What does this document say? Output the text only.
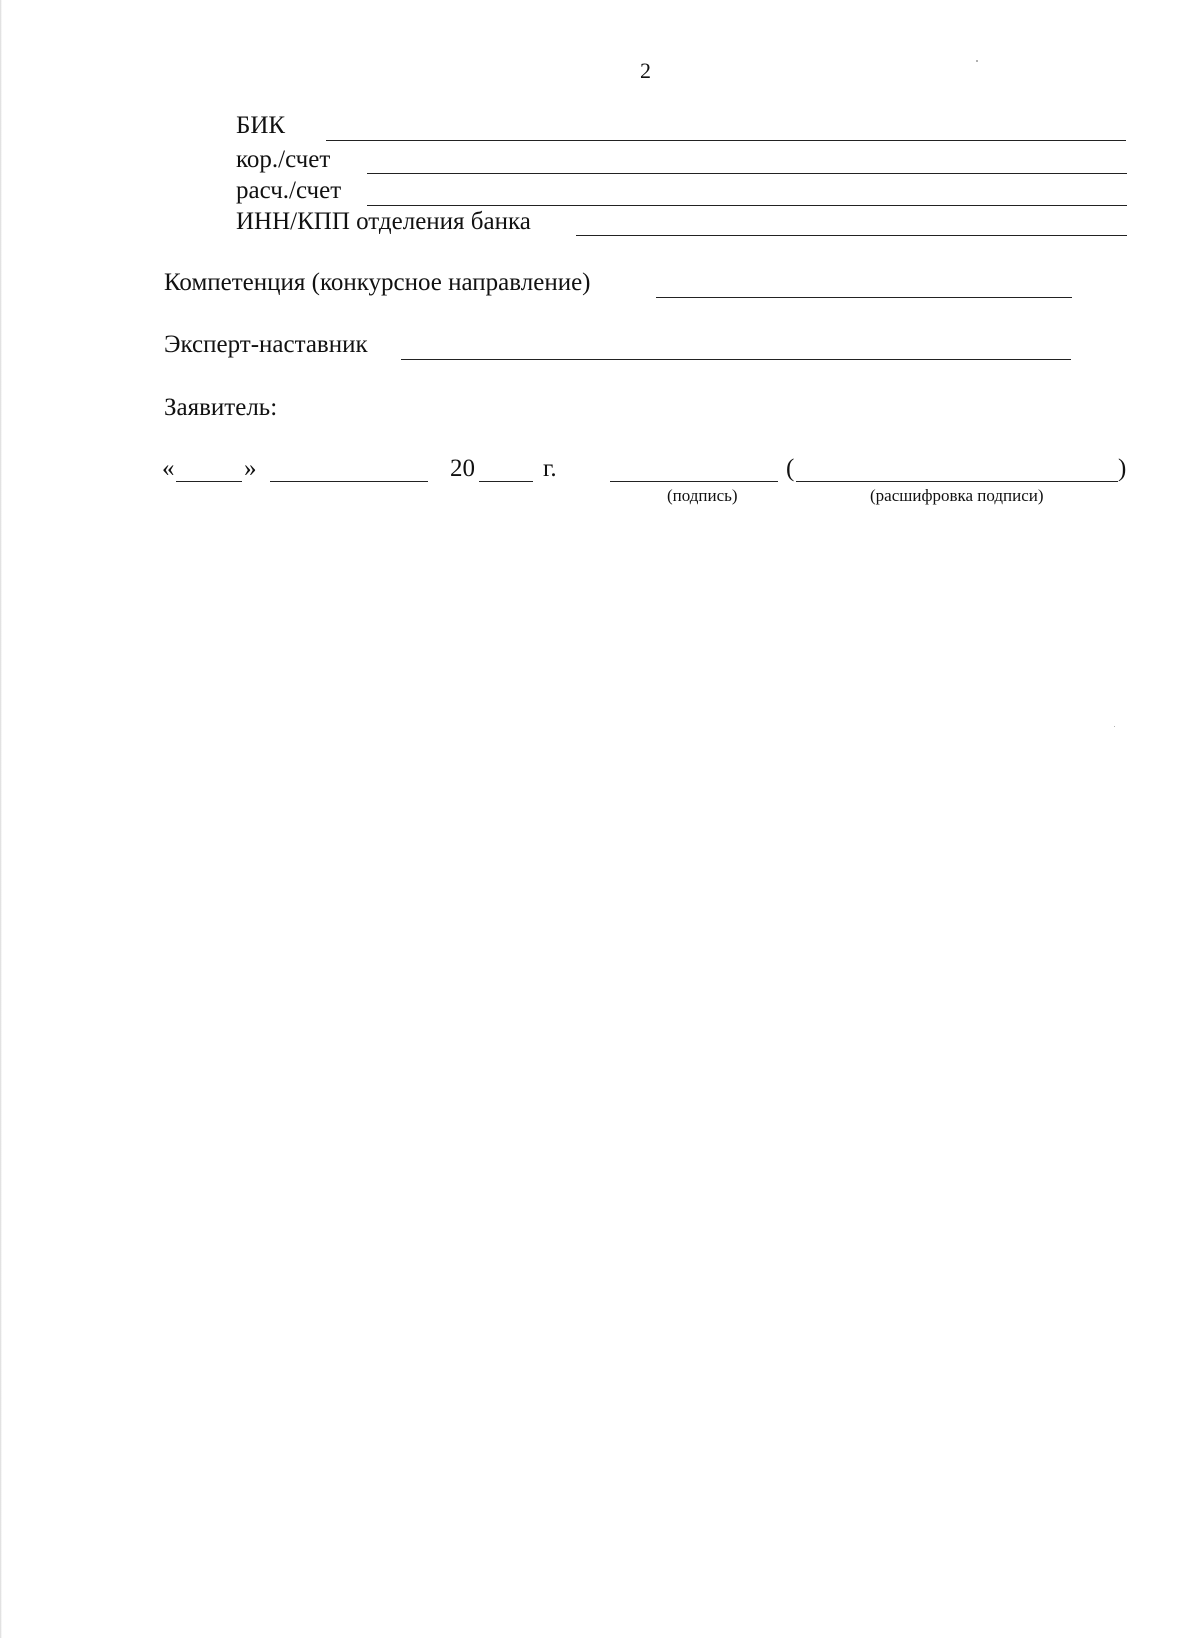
2
БИК
кор./счет
расч./счет
ИНН/КПП отделения банка
Компетенция (конкурсное направление)
Эксперт-наставник
Заявитель:
«	»	20	г.	(	)
(подпись)	(расшифровка подписи)
